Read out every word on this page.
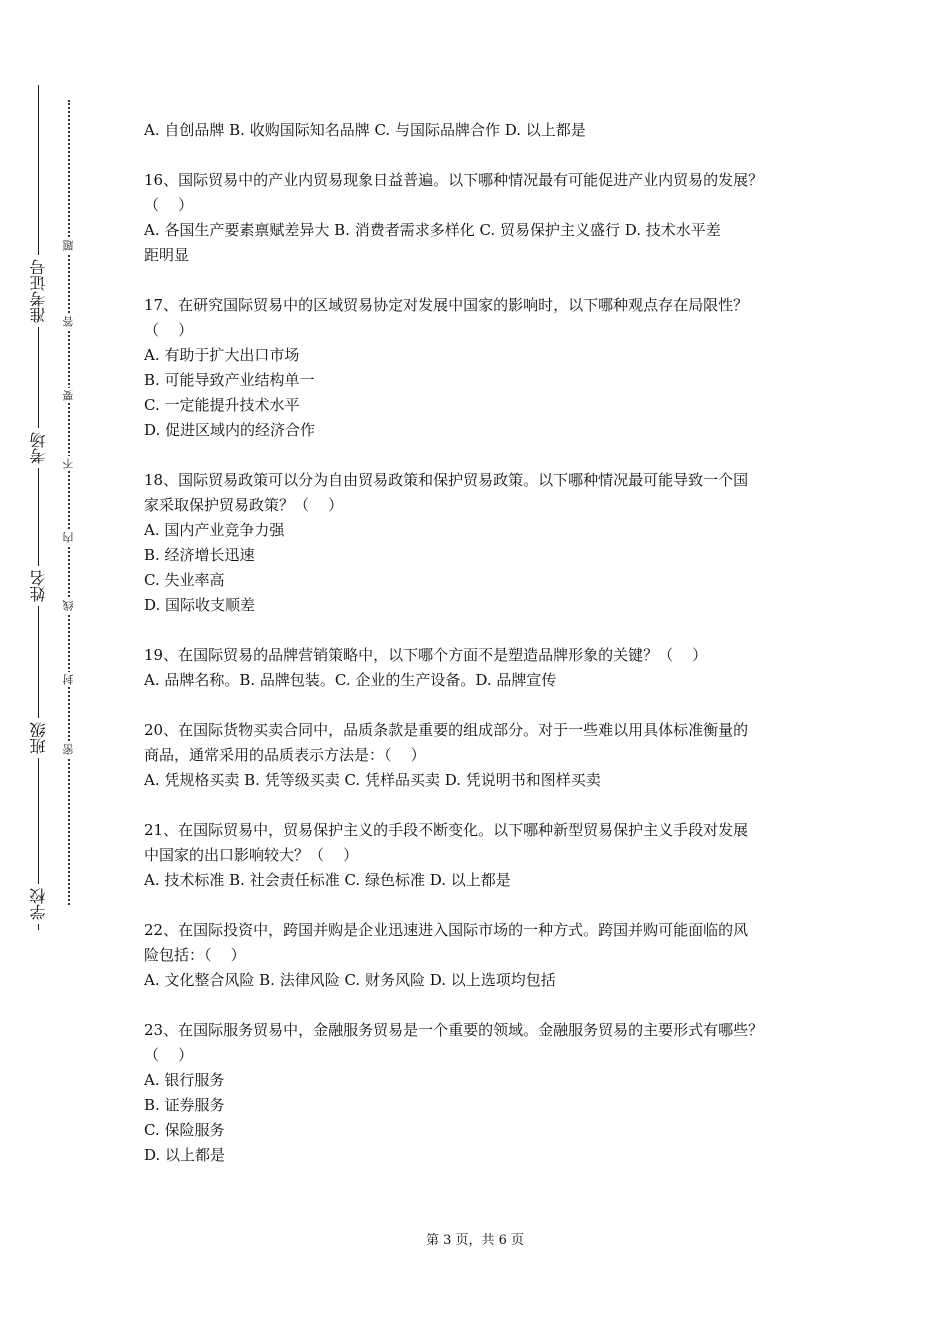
准考证号
考场
姓名
班级
学校
题
答
要
不
内
线
封
密
A. 自创品牌 B. 收购国际知名品牌 C. 与国际品牌合作 D. 以上都是
16、国际贸易中的产业内贸易现象日益普遍。以下哪种情况最有可能促进产业内贸易的发展？
（    ）
A. 各国生产要素禀赋差异大 B. 消费者需求多样化 C. 贸易保护主义盛行 D. 技术水平差
距明显
17、在研究国际贸易中的区域贸易协定对发展中国家的影响时，以下哪种观点存在局限性？
（    ）
A. 有助于扩大出口市场
B. 可能导致产业结构单一
C. 一定能提升技术水平
D. 促进区域内的经济合作
18、国际贸易政策可以分为自由贸易政策和保护贸易政策。以下哪种情况最可能导致一个国
家采取保护贸易政策？（    ）
A. 国内产业竞争力强
B. 经济增长迅速
C. 失业率高
D. 国际收支顺差
19、在国际贸易的品牌营销策略中，以下哪个方面不是塑造品牌形象的关键？（    ）
A. 品牌名称。B. 品牌包装。C. 企业的生产设备。D. 品牌宣传
20、在国际货物买卖合同中，品质条款是重要的组成部分。对于一些难以用具体标准衡量的
商品，通常采用的品质表示方法是：（    ）
A. 凭规格买卖 B. 凭等级买卖 C. 凭样品买卖 D. 凭说明书和图样买卖
21、在国际贸易中，贸易保护主义的手段不断变化。以下哪种新型贸易保护主义手段对发展
中国家的出口影响较大？（    ）
A. 技术标准 B. 社会责任标准 C. 绿色标准 D. 以上都是
22、在国际投资中，跨国并购是企业迅速进入国际市场的一种方式。跨国并购可能面临的风
险包括：（    ）
A. 文化整合风险 B. 法律风险 C. 财务风险 D. 以上选项均包括
23、在国际服务贸易中，金融服务贸易是一个重要的领域。金融服务贸易的主要形式有哪些？
（    ）
A. 银行服务
B. 证券服务
C. 保险服务
D. 以上都是
第 3 页，共 6 页
